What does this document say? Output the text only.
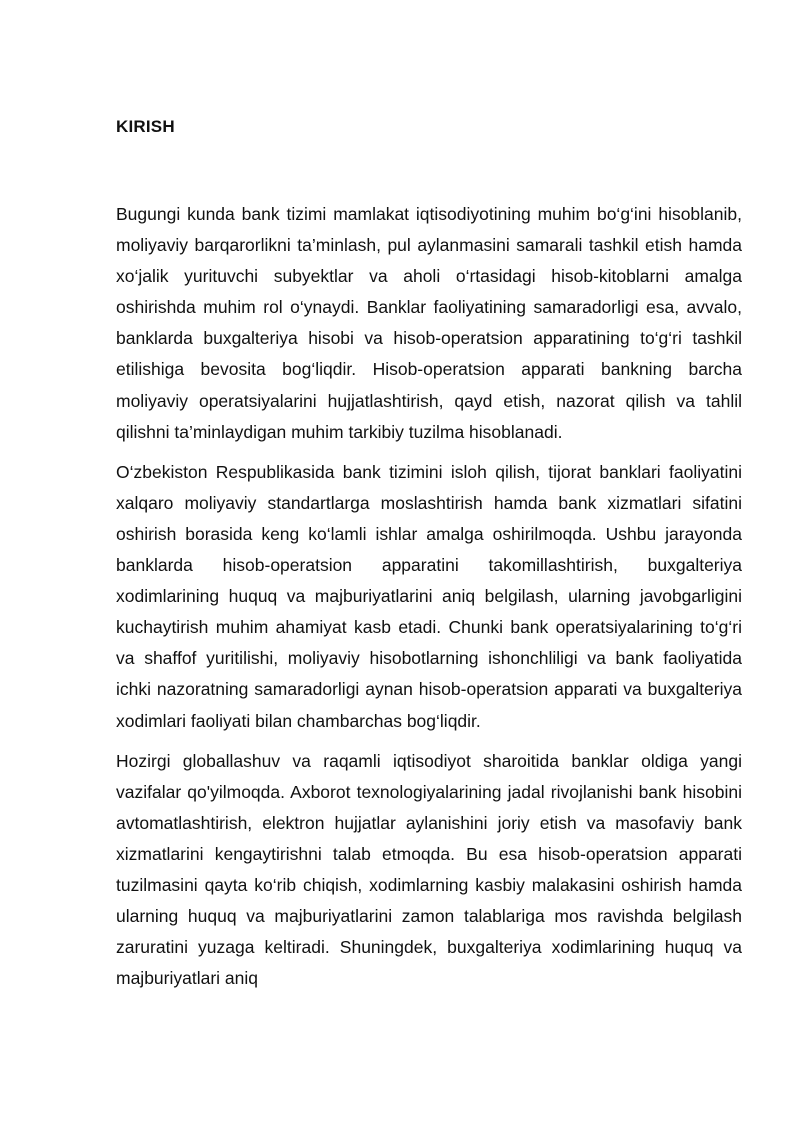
KIRISH

Bugungi kunda bank tizimi mamlakat iqtisodiyotining muhim bo‘g‘ini hisoblanib, moliyaviy barqarorlikni ta’minlash, pul aylanmasini samarali tashkil etish hamda xo‘jalik yurituvchi subyektlar va aholi o‘rtasidagi hisob-kitoblarni amalga oshirishda muhim rol o‘ynaydi. Banklar faoliyatining samaradorligi esa, avvalo, banklarda buxgalteriya hisobi va hisob-operatsion apparatining to‘g‘ri tashkil etilishiga bevosita bog‘liqdir. Hisob-operatsion apparati bankning barcha moliyaviy operatsiyalarini hujjatlashtirish, qayd etish, nazorat qilish va tahlil qilishni ta’minlaydigan muhim tarkibiy tuzilma hisoblanadi.

O‘zbekiston Respublikasida bank tizimini isloh qilish, tijorat banklari faoliyatini xalqaro moliyaviy standartlarga moslashtirish hamda bank xizmatlari sifatini oshirish borasida keng ko‘lamli ishlar amalga oshirilmoqda. Ushbu jarayonda banklarda hisob-operatsion apparatini takomillashtirish, buxgalteriya xodimlarining huquq va majburiyatlarini aniq belgilash, ularning javobgarligini kuchaytirish muhim ahamiyat kasb etadi. Chunki bank operatsiyalarining to‘g‘ri va shaffof yuritilishi, moliyaviy hisobotlarning ishonchliligi va bank faoliyatida ichki nazoratning samaradorligi aynan hisob-operatsion apparati va buxgalteriya xodimlari faoliyati bilan chambarchas bog‘liqdir.

Hozirgi globallashuv va raqamli iqtisodiyot sharoitida banklar oldiga yangi vazifalar qo'yilmoqda. Axborot texnologiyalarining jadal rivojlanishi bank hisobini avtomatlashtirish, elektron hujjatlar aylanishini joriy etish va masofaviy bank xizmatlarini kengaytirishni talab etmoqda. Bu esa hisob-operatsion apparati tuzilmasini qayta ko‘rib chiqish, xodimlarning kasbiy malakasini oshirish hamda ularning huquq va majburiyatlarini zamon talablariga mos ravishda belgilash zaruratini yuzaga keltiradi. Shuningdek, buxgalteriya xodimlarining huquq va majburiyatlari aniq
